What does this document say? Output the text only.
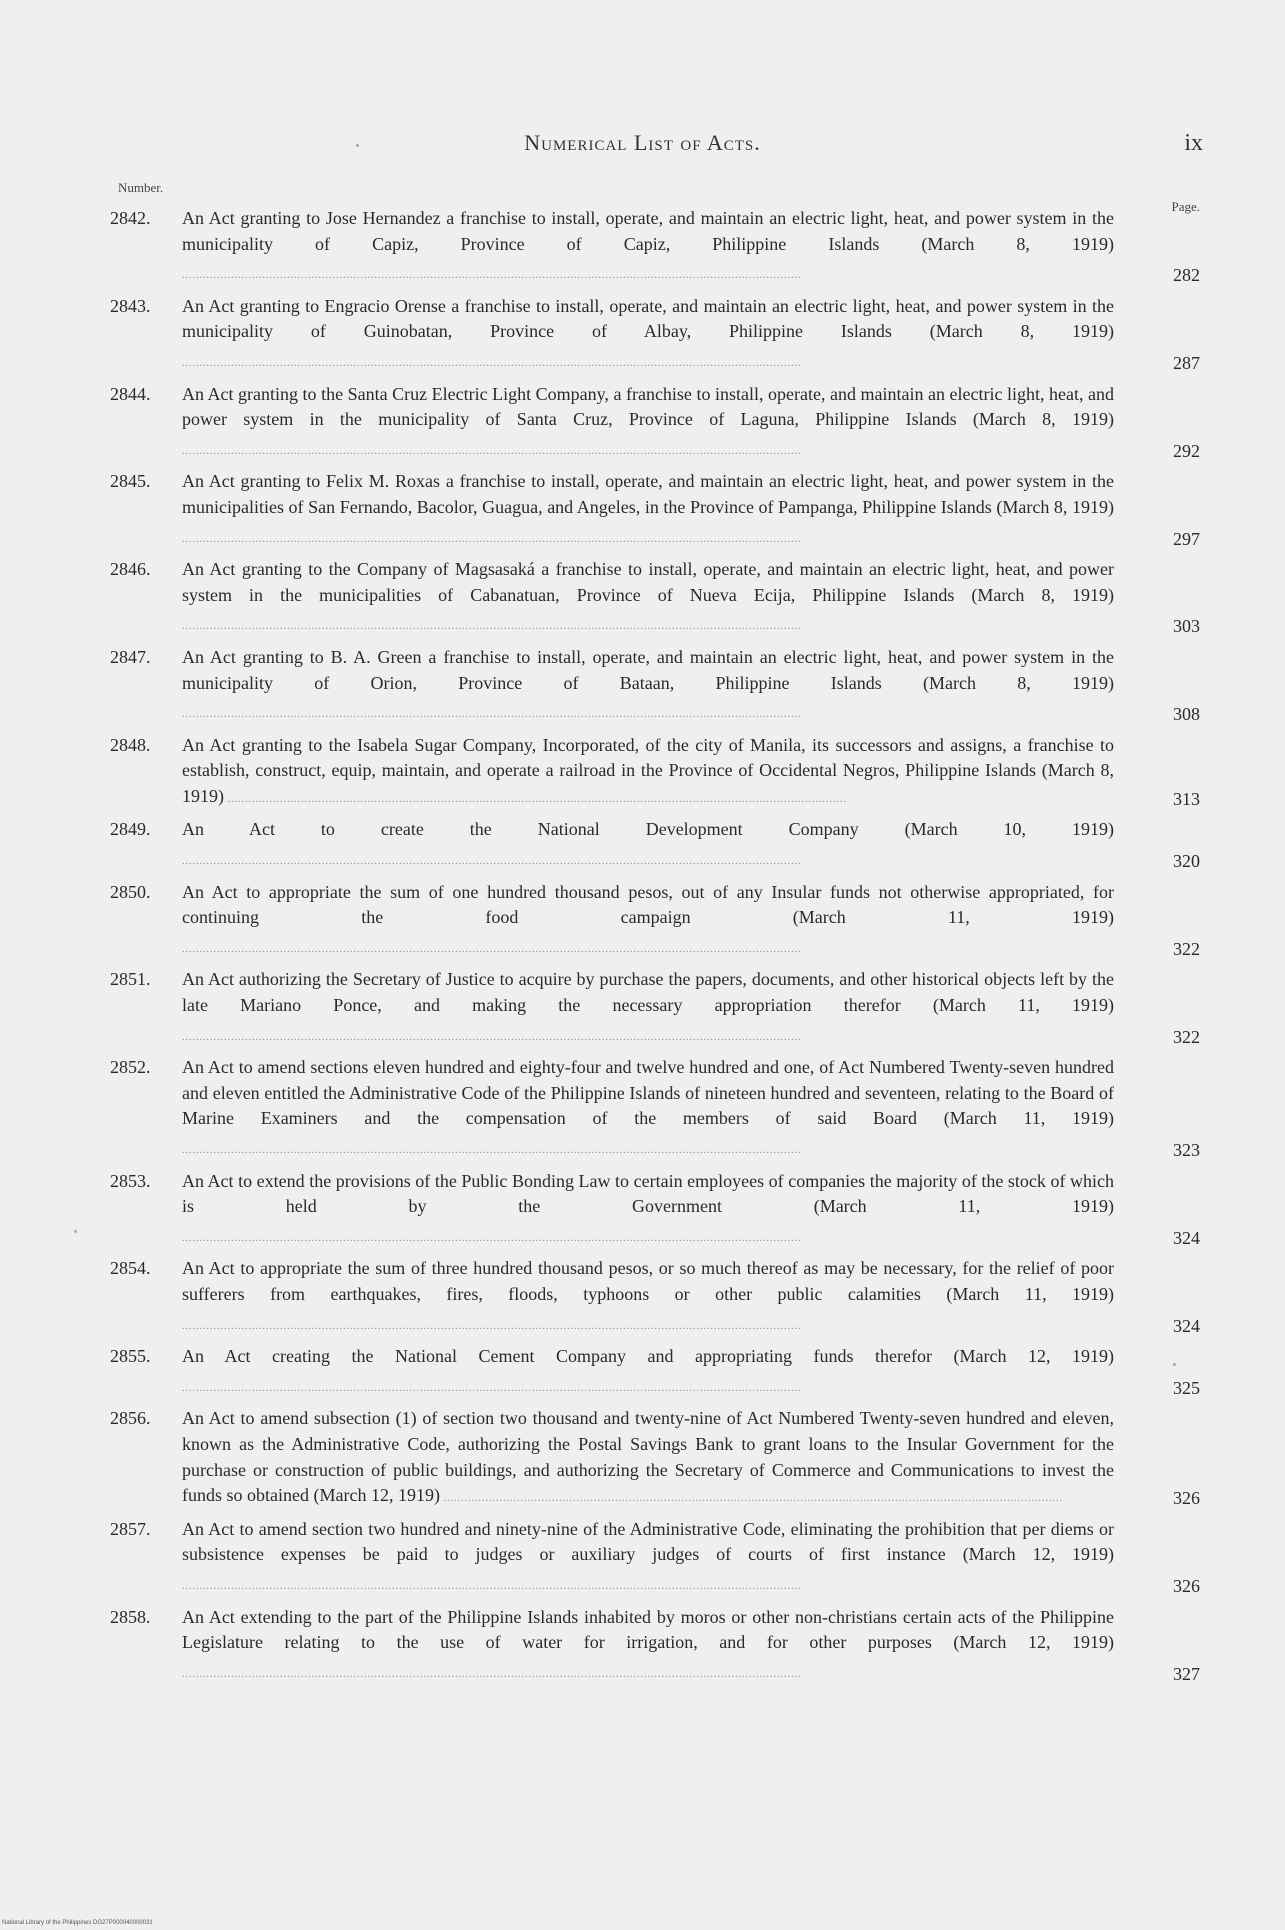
Numerical List of Acts.	ix
Number.
Page.
2842.	An Act granting to Jose Hernandez a franchise to install, operate, and maintain an electric light, heat, and power system in the municipality of Capiz, Province of Capiz, Philippine Islands (March 8, 1919) .....
282
2843.	An Act granting to Engracio Orense a franchise to install, operate, and maintain an electric light, heat, and power system in the municipality of Guinobatan, Province of Albay, Philippine Islands (March 8, 1919) .....
287
2844.	An Act granting to the Santa Cruz Electric Light Company, a franchise to install, operate, and maintain an electric light, heat, and power system in the municipality of Santa Cruz, Province of Laguna, Philippine Islands (March 8, 1919) .....
292
2845.	An Act granting to Felix M. Roxas a franchise to install, operate, and maintain an electric light, heat, and power system in the municipalities of San Fernando, Bacolor, Guagua, and Angeles, in the Province of Pampanga, Philippine Islands (March 8, 1919) .....
297
2846.	An Act granting to the Company of Magsasaká a franchise to install, operate, and maintain an electric light, heat, and power system in the municipalities of Cabanatuan, Province of Nueva Ecija, Philippine Islands (March 8, 1919) .....
303
2847.	An Act granting to B. A. Green a franchise to install, operate, and maintain an electric light, heat, and power system in the municipality of Orion, Province of Bataan, Philippine Islands (March 8, 1919) .....
308
2848.	An Act granting to the Isabela Sugar Company, Incorporated, of the city of Manila, its successors and assigns, a franchise to establish, construct, equip, maintain, and operate a railroad in the Province of Occidental Negros, Philippine Islands (March 8, 1919) .....	313
2849.	An Act to create the National Development Company (March 10, 1919) .....
320
2850.	An Act to appropriate the sum of one hundred thousand pesos, out of any Insular funds not otherwise appropriated, for continuing the food campaign (March 11, 1919) .....
322
2851.	An Act authorizing the Secretary of Justice to acquire by purchase the papers, documents, and other historical objects left by the late Mariano Ponce, and making the necessary appropriation therefor (March 11, 1919) .....
322
2852.	An Act to amend sections eleven hundred and eighty-four and twelve hundred and one, of Act Numbered Twenty-seven hundred and eleven entitled the Administrative Code of the Philippine Islands of nineteen hundred and seventeen, relating to the Board of Marine Examiners and the compensation of the members of said Board (March 11, 1919) .....
323
2853.	An Act to extend the provisions of the Public Bonding Law to certain employees of companies the majority of the stock of which is held by the Government (March 11, 1919) .....
324
2854.	An Act to appropriate the sum of three hundred thousand pesos, or so much thereof as may be necessary, for the relief of poor sufferers from earthquakes, fires, floods, typhoons or other public calamities (March 11, 1919) .....
324
2855.	An Act creating the National Cement Company and appropriating funds therefor (March 12, 1919) .....
325
2856.	An Act to amend subsection (1) of section two thousand and twenty-nine of Act Numbered Twenty-seven hundred and eleven, known as the Administrative Code, authorizing the Postal Savings Bank to grant loans to the Insular Government for the purchase or construction of public buildings, and authorizing the Secretary of Commerce and Communications to invest the funds so obtained (March 12, 1919) .....	326
2857.	An Act to amend section two hundred and ninety-nine of the Administrative Code, eliminating the prohibition that per diems or subsistence expenses be paid to judges or auxiliary judges of courts of first instance (March 12, 1919) .....
326
2858.	An Act extending to the part of the Philippine Islands inhabited by moros or other non-christians certain acts of the Philippine Legislature relating to the use of water for irrigation, and for other purposes (March 12, 1919) .....
327
National Library of the Philippines DG27P000040000031
